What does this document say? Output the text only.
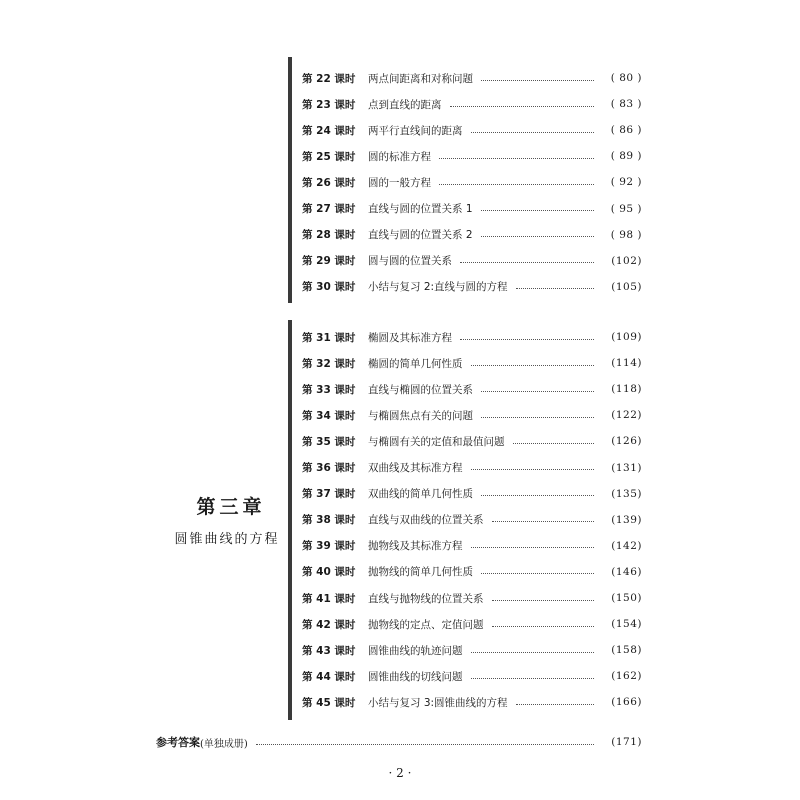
第 22 课时	两点间距离和对称问题	( 80 )
第 23 课时	点到直线的距离	( 83 )
第 24 课时	两平行直线间的距离	( 86 )
第 25 课时	圆的标准方程	( 89 )
第 26 课时	圆的一般方程	( 92 )
第 27 课时	直线与圆的位置关系 1	( 95 )
第 28 课时	直线与圆的位置关系 2	( 98 )
第 29 课时	圆与圆的位置关系	(102)
第 30 课时	小结与复习 2:直线与圆的方程	(105)
第 31 课时	椭圆及其标准方程	(109)
第 32 课时	椭圆的简单几何性质	(114)
第 33 课时	直线与椭圆的位置关系	(118)
第 34 课时	与椭圆焦点有关的问题	(122)
第 35 课时	与椭圆有关的定值和最值问题	(126)
第 36 课时	双曲线及其标准方程	(131)
第 37 课时	双曲线的简单几何性质	(135)
第 38 课时	直线与双曲线的位置关系	(139)
第 39 课时	抛物线及其标准方程	(142)
第 40 课时	抛物线的简单几何性质	(146)
第 41 课时	直线与抛物线的位置关系	(150)
第 42 课时	抛物线的定点、定值问题	(154)
第 43 课时	圆锥曲线的轨迹问题	(158)
第 44 课时	圆锥曲线的切线问题	(162)
第 45 课时	小结与复习 3:圆锥曲线的方程	(166)
第三章
圆锥曲线的方程
参考答案 (单独成册)	(171)
· 2 ·
